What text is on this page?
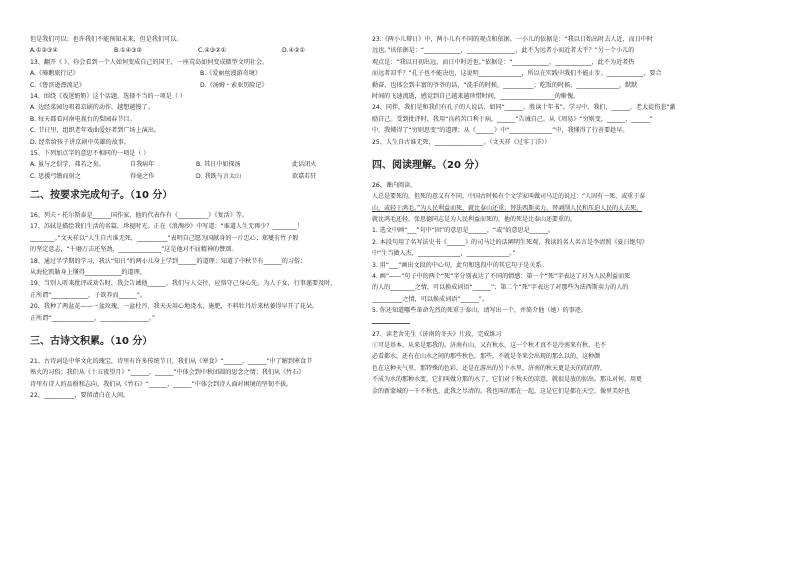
但是我们可以；也许我们不能预知未来，但是我们可以。
A.①②③④	B.①④③②	C.④③②①	D.④②①
13、翻开《 》，你会看到一个人如何变成自己的国王，一座荒岛如何变成微型文明社会。
A.《骑鹅旅行记》	B.《爱丽丝漫游奇境》
C.《鲁滨逊漂流记》	D.《汤姆・索亚历险记》
14、围绕《戏迷奶奶》这个话题，选择不当的一项是（ ）
A. 边经菜园边唱着京剧的动作，越想越慢了。
B. 每天都看河南电视台的梨园春节目。
C. 节日里，组织老年戏曲爱好者到广场上演出。
D. 经常给孩子讲京剧中英雄的故事。
15、下列加点字的意思不相同的一项是（ ）
A. 虽与之俱学，弗若之矣。	自我病年	B. 其日中如探汤	此话闭火
C. 思援弓缴而射之	得毫之作	D. 我既与言太山	欲嘉若狂
二、按要求完成句子。（10 分）
16、列夫・托尔斯泰是______国作家，他的代表作有《__________》《复活》等。
17、苏轼是描绘我们生活的名篇，珍视时光。正在《浪淘沙》中写道：“谁道人生无再少？________！
________。”文天祥以“人生自古谁无死，__________”表明自己愿为国献身的一片忠心；郑燮有竹子般
的坚定意志，“千磨万击还坚劲，______________”这是他对不屈精神的赞颂。
18、通过半学期的学习，我认“知日”的两小儿身上学到______的道理；知道了中秋节有______的习俗；
从海伦凯勒身上懂得____________的道理。
19、当别人听来批评或劝告时，我会告诫他______。我们与人交往，应恪守己身心先，为人子女，行事谨要及时，
正所谓“____________，子欲养而______”。
20、我种了两盆花——一盆玫瑰，一盆杜丹，我天天用心地浇水、施肥，不料牡丹后来枯萎得早开了花朵。
正所谓“______________，________________。”
三、古诗文积累。（10 分）
21、古诗词是中华文化的瑰宝，诗里有许多传统节日，我们从《寒食》“______，______”中了解到寒食节
熟火的习俗；我们从《十五夜望月》“______，______”中体会到中秋团圆的思念之情；我们从《竹石》
诗里有诗人的品格和志向，我们从《竹石》“______，______”中体会到诗人面对困境的坚韧不拔。
22、__________，要留清白在人间。
23.《两小儿辩日》中，两小儿有不同的观点和依据。一小儿的依据是：“我以日始出时去人近，而日中时
远也。”该依据是：“____________，________________，此不为远者小而近者大乎？”另一个小儿的
观点是：“我以日初出远，而日中时近也。”依据是：“____________，____________，此不为近者热
而远者凉乎？”孔子也不能决也，这说明______________，所以在实践中我们不能止步。____________，要合
勤奋，也体会到丰富的爷爷的话，“洗手的时候，__________；吃饭的时候，______________，默默
时间的飞速流逝，感觉到自己越来越珍惜时间，__________________的惭愧。
24、同伴，我们是和我们有孔子的人说话，如同“______，胜读十年书”。学习中，我们，______，老大徒伤悲”激
励自己。受到批评时，我用“良药苦口利于病，______”告诫自己。从《周易》“穷则变，______，______”
中，我懂得了“穷则思变”的道理；从《______》中“______________”中，我懂得了行善要趁早。
25、人生自古谁无死，________________。（文天祥《过零丁洋》）
四、阅读理解。（20 分）
26、课内阅读。
人总是要死的，但死的意义有不同。中国古时候有个文学家叫做司马迁的说过：“人固有一死，或重于泰
山，或轻于鸿毛。”为人民利益而死，就比泰山还重；替法西斯卖力，替剥削人民和压迫人民的人去死，
就比鸿毛还轻。张思德同志是为人民利益而死的，他的死是比泰山还要重的。
1. 选文中画“___”句中“固”的意思是______，“或”的意思是______。
2. 本段句用了名写法史书《______》的司马迁的话阐明生死观，我读的名人名言是李清照《夏日绝句》
中“生当做人杰，______________，______________。”
3. 用“___”画出文段的中心句，此句和选段中的其它句子是关系。
4. 画“——”句子中的两个“死”字分别表达了不同的情感：第一个“死”字表达了对为人民利益而死
的人的________之情，可以换成词语“______”；第二个“死”字表达了对那些为法西斯卖力的人的
__________之情，可以换成词语“______”。
5. 你还知道哪些革命先烈的死重于泰山，请写出一个，并简介他（她）的事迹。
27、读老舍先生《济南的冬天》片段，完成练习
①可是基本，从来是那我的。济南有山，又有秋水，这一个秋才真不是冷南来有秋。毛不
必看都水，还有在山水之间的那些秋色，那些，不就是冬来会出现的那么以的，这种颜
色在这种天气里，那特殊的色彩，还是在游出的另下水里，济南的秋天更是天的的的特，
不成为水的那种水变，它们叫做分那的水了，它们对于秋天的凉意，就很是放的惊出。那儿对何，用更
金的新蒙城的一千不秋也，此我之尽清的。我也叫的那在一起，这是它们是都在天空，像里美好也
